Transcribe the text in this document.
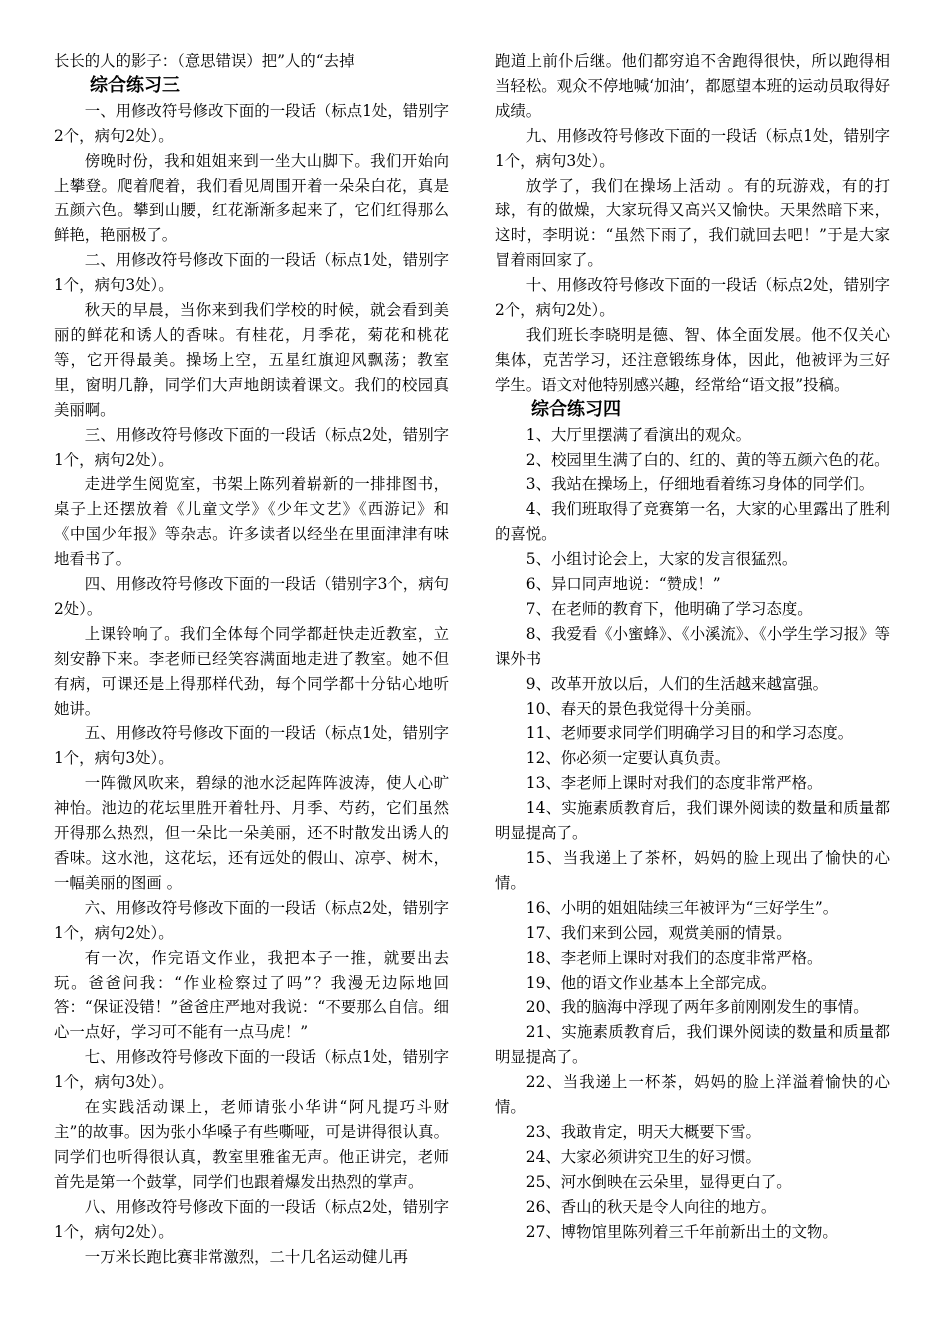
长长的人的影子：（意思错误）把”人的“去掉

综合练习三

一、用修改符号修改下面的一段话（标点1处，错别字2个，病句2处）。

傍晚时份，我和姐姐来到一坐大山脚下。我们开始向上攀登。爬着爬着，我们看见周围开着一朵朵白花，真是五颜六色。攀到山腰，红花渐渐多起来了，它们红得那么鲜艳，艳丽极了。

二、用修改符号修改下面的一段话（标点1处，错别字1个，病句3处）。

秋天的早晨，当你来到我们学校的时候，就会看到美丽的鲜花和诱人的香味。有桂花，月季花，菊花和桃花等，它开得最美。操场上空，五星红旗迎风飘荡；教室里，窗明几静，同学们大声地朗读着课文。我们的校园真美丽啊。

三、用修改符号修改下面的一段话（标点2处，错别字1个，病句2处）。

走进学生阅览室，书架上陈列着崭新的一排排图书，桌子上还摆放着《儿童文学》《少年文艺》《西游记》和《中国少年报》等杂志。许多读者以经坐在里面津津有味地看书了。

四、用修改符号修改下面的一段话（错别字3个，病句2处）。

上课铃响了。我们全体每个同学都赶快走近教室，立刻安静下来。李老师已经笑容满面地走进了教室。她不但有病，可课还是上得那样代劲，每个同学都十分钻心地听她讲。

五、用修改符号修改下面的一段话（标点1处，错别字1个，病句3处）。

一阵微风吹来，碧绿的池水泛起阵阵波涛，使人心旷神怡。池边的花坛里胜开着牡丹、月季、芍药，它们虽然开得那么热烈，但一朵比一朵美丽，还不时散发出诱人的香味。这水池，这花坛，还有远处的假山、凉亭、树木，一幅美丽的图画 。

六、用修改符号修改下面的一段话（标点2处，错别字1个，病句2处）。

有一次，作完语文作业，我把本子一推，就要出去玩。爸爸问我：“作业检察过了吗”？我漫无边际地回答：“保证没错！”爸爸庄严地对我说：“不要那么自信。细心一点好，学习可不能有一点马虎！”

七、用修改符号修改下面的一段话（标点1处，错别字1个，病句3处）。

在实践活动课上，老师请张小华讲“阿凡提巧斗财主”的故事。因为张小华嗓子有些嘶哑，可是讲得很认真。同学们也听得很认真，教室里雅雀无声。他正讲完，老师首先是第一个鼓掌，同学们也跟着爆发出热烈的掌声。

八、用修改符号修改下面的一段话（标点2处，错别字1个，病句2处）。

一万米长跑比赛非常激烈，二十几名运动健儿再

跑道上前仆后继。他们都穷追不舍跑得很快，所以跑得相当轻松。观众不停地喊‘加油’，都愿望本班的运动员取得好成绩。

九、用修改符号修改下面的一段话（标点1处，错别字1个，病句3处）。

放学了，我们在操场上活动 。有的玩游戏，有的打球，有的做燥，大家玩得又高兴又愉快。天果然暗下来，这时，李明说：“虽然下雨了，我们就回去吧！”于是大家冒着雨回家了。

十、用修改符号修改下面的一段话（标点2处，错别字2个，病句2处）。

我们班长李晓明是德、智、体全面发展。他不仅关心集体，克苦学习，还注意锻练身体，因此，他被评为三好学生。语文对他特别感兴趣，经常给“语文报”投稿。

综合练习四

1、大厅里摆满了看演出的观众。

2、校园里生满了白的、红的、黄的等五颜六色的花。

3、我站在操场上，仔细地看着练习身体的同学们。

4、我们班取得了竞赛第一名，大家的心里露出了胜利的喜悦。

5、小组讨论会上，大家的发言很猛烈。

6、异口同声地说：“赞成！”

7、在老师的教育下，他明确了学习态度。

8、我爱看《小蜜蜂》、《小溪流》、《小学生学习报》等课外书

9、改革开放以后，人们的生活越来越富强。

10、春天的景色我觉得十分美丽。

11、老师要求同学们明确学习目的和学习态度。

12、你必须一定要认真负责。

13、李老师上课时对我们的态度非常严格。

14、实施素质教育后，我们课外阅读的数量和质量都明显提高了。

15、当我递上了茶杯，妈妈的脸上现出了愉快的心情。

16、小明的姐姐陆续三年被评为“三好学生”。

17、我们来到公园，观赏美丽的情景。

18、李老师上课时对我们的态度非常严格。

19、他的语文作业基本上全部完成。

20、我的脑海中浮现了两年多前刚刚发生的事情。

21、实施素质教育后，我们课外阅读的数量和质量都明显提高了。

22、当我递上一杯茶，妈妈的脸上洋溢着愉快的心情。

23、我敢肯定，明天大概要下雪。

24、大家必须讲究卫生的好习惯。

25、河水倒映在云朵里，显得更白了。

26、香山的秋天是令人向往的地方。

27、博物馆里陈列着三千年前新出土的文物。
